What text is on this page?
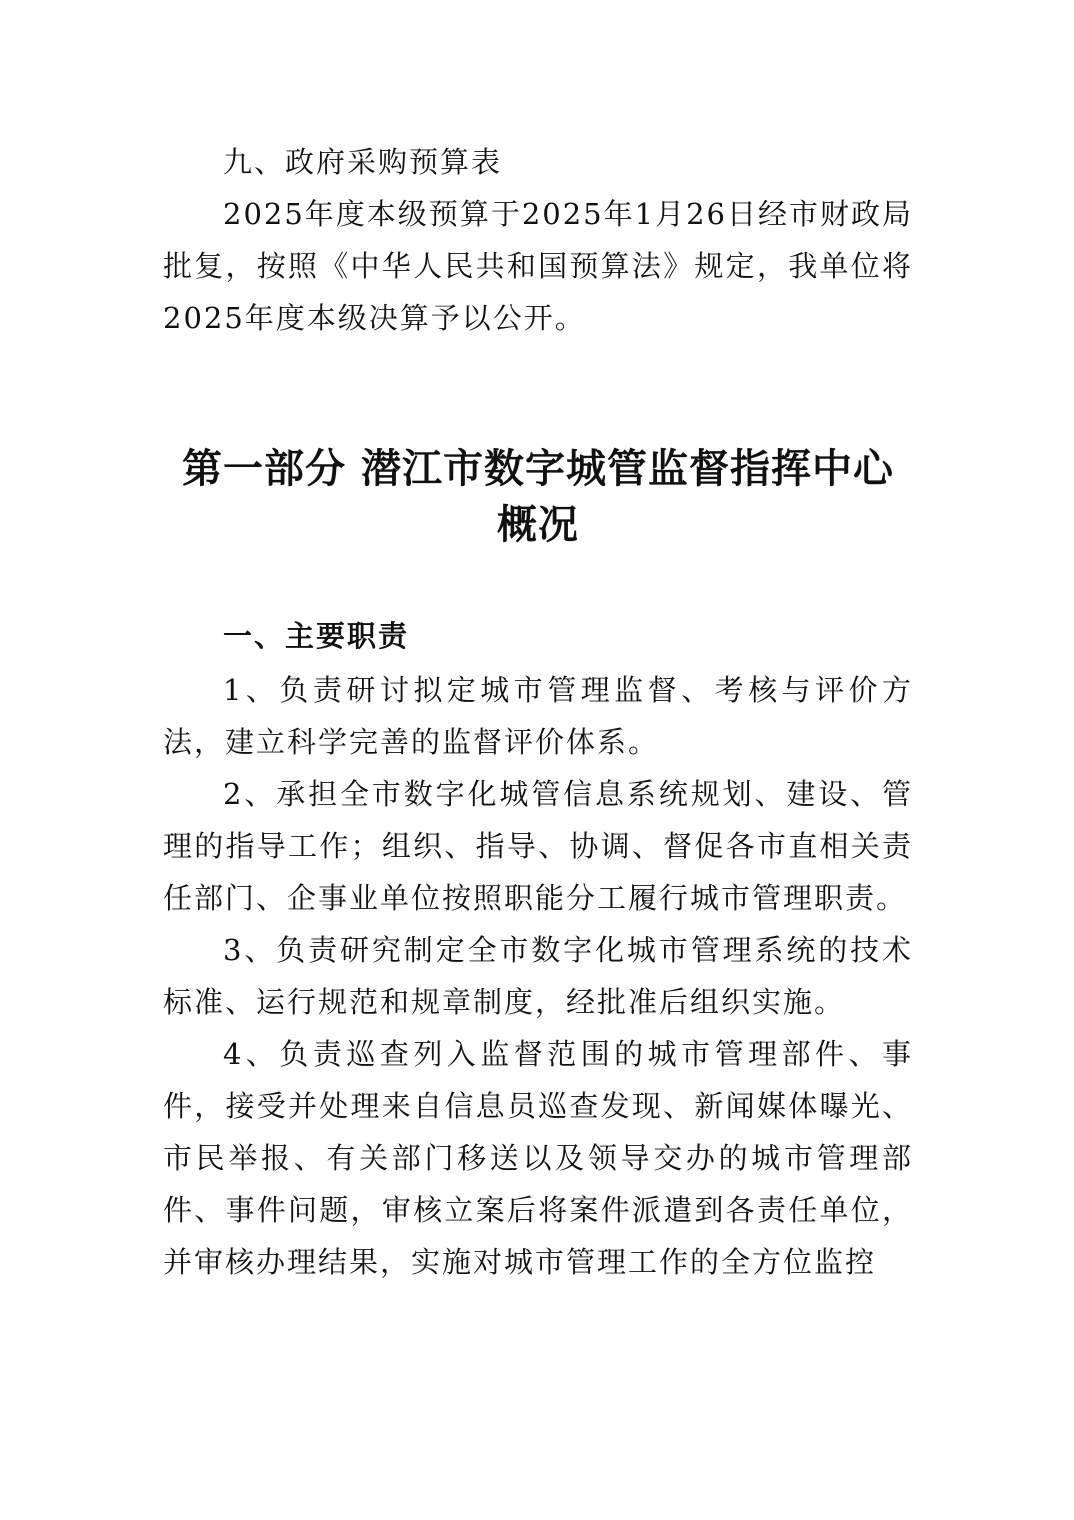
九、政府采购预算表

2025年度本级预算于2025年1月26日经市财政局批复，按照《中华人民共和国预算法》规定，我单位将2025年度本级决算予以公开。

第一部分 潜江市数字城管监督指挥中心概况

一、主要职责

1、负责研讨拟定城市管理监督、考核与评价方法，建立科学完善的监督评价体系。

2、承担全市数字化城管信息系统规划、建设、管理的指导工作；组织、指导、协调、督促各市直相关责任部门、企事业单位按照职能分工履行城市管理职责。

3、负责研究制定全市数字化城市管理系统的技术标准、运行规范和规章制度，经批准后组织实施。

4、负责巡查列入监督范围的城市管理部件、事件，接受并处理来自信息员巡查发现、新闻媒体曝光、市民举报、有关部门移送以及领导交办的城市管理部件、事件问题，审核立案后将案件派遣到各责任单位，并审核办理结果，实施对城市管理工作的全方位监控
